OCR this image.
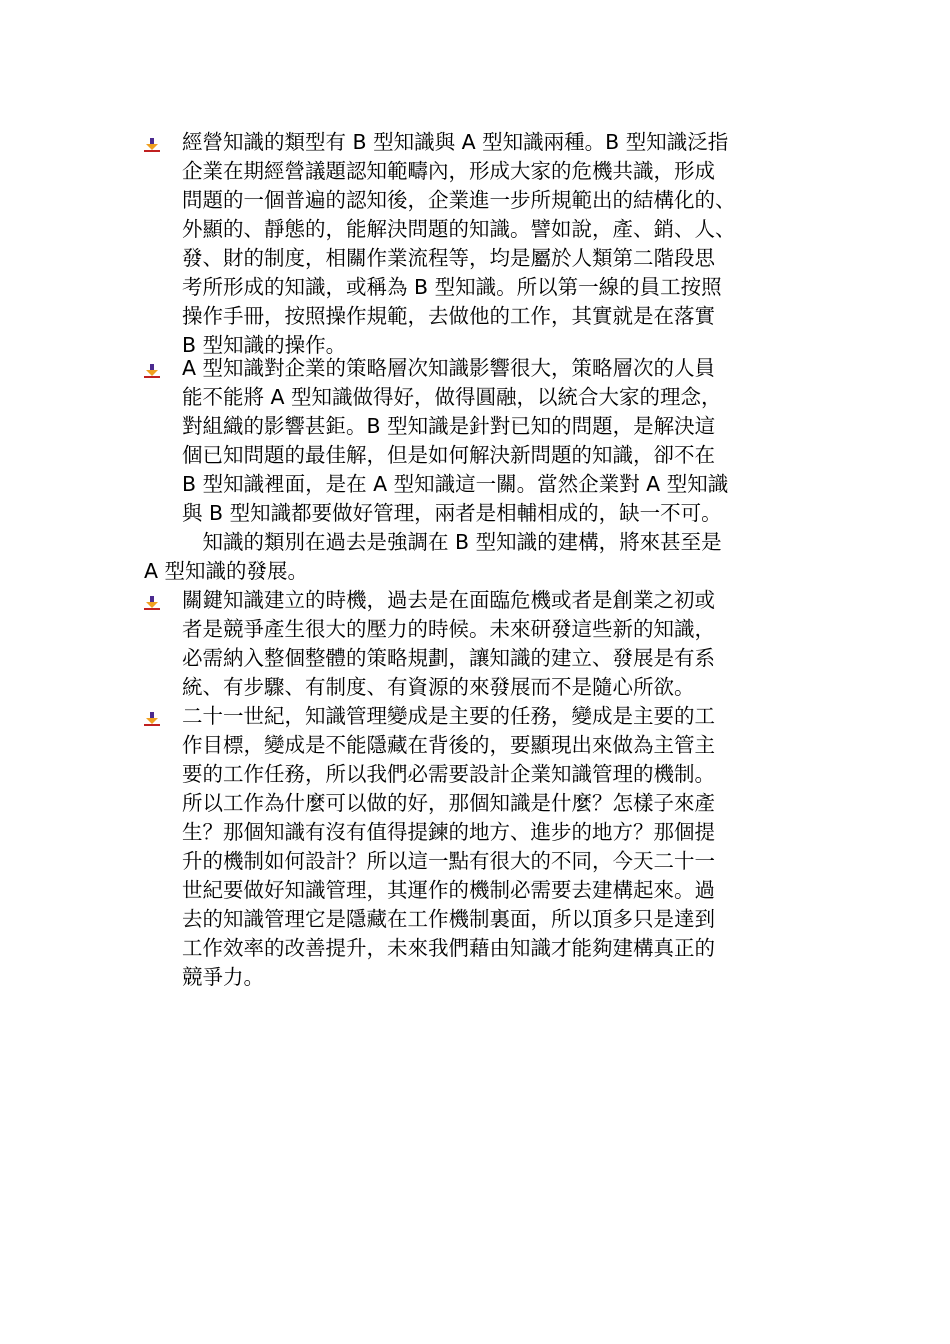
經營知識的類型有 B 型知識與 A 型知識兩種。B 型知識泛指
企業在期經營議題認知範疇內，形成大家的危機共識，形成
問題的一個普遍的認知後，企業進一步所規範出的結構化的、
外顯的、靜態的，能解決問題的知識。譬如說，產、銷、人、
發、財的制度，相關作業流程等，均是屬於人類第二階段思
考所形成的知識，或稱為 B 型知識。所以第一線的員工按照
操作手冊，按照操作規範，去做他的工作，其實就是在落實
B 型知識的操作。
A 型知識對企業的策略層次知識影響很大，策略層次的人員
能不能將 A 型知識做得好，做得圓融，以統合大家的理念，
對組織的影響甚鉅。B 型知識是針對已知的問題，是解決這
個已知問題的最佳解，但是如何解決新問題的知識，卻不在
B 型知識裡面，是在 A 型知識這一關。當然企業對 A 型知識
與 B 型知識都要做好管理，兩者是相輔相成的，缺一不可。
　知識的類別在過去是強調在 B 型知識的建構，將來甚至是
A 型知識的發展。
關鍵知識建立的時機，過去是在面臨危機或者是創業之初或
者是競爭產生很大的壓力的時候。未來研發這些新的知識，
必需納入整個整體的策略規劃，讓知識的建立、發展是有系
統、有步驟、有制度、有資源的來發展而不是隨心所欲。
二十一世紀，知識管理變成是主要的任務，變成是主要的工
作目標，變成是不能隱藏在背後的，要顯現出來做為主管主
要的工作任務，所以我們必需要設計企業知識管理的機制。
所以工作為什麼可以做的好，那個知識是什麼？怎樣子來產
生？那個知識有沒有值得提鍊的地方、進步的地方？那個提
升的機制如何設計？所以這一點有很大的不同，今天二十一
世紀要做好知識管理，其運作的機制必需要去建構起來。過
去的知識管理它是隱藏在工作機制裏面，所以頂多只是達到
工作效率的改善提升，未來我們藉由知識才能夠建構真正的
競爭力。
